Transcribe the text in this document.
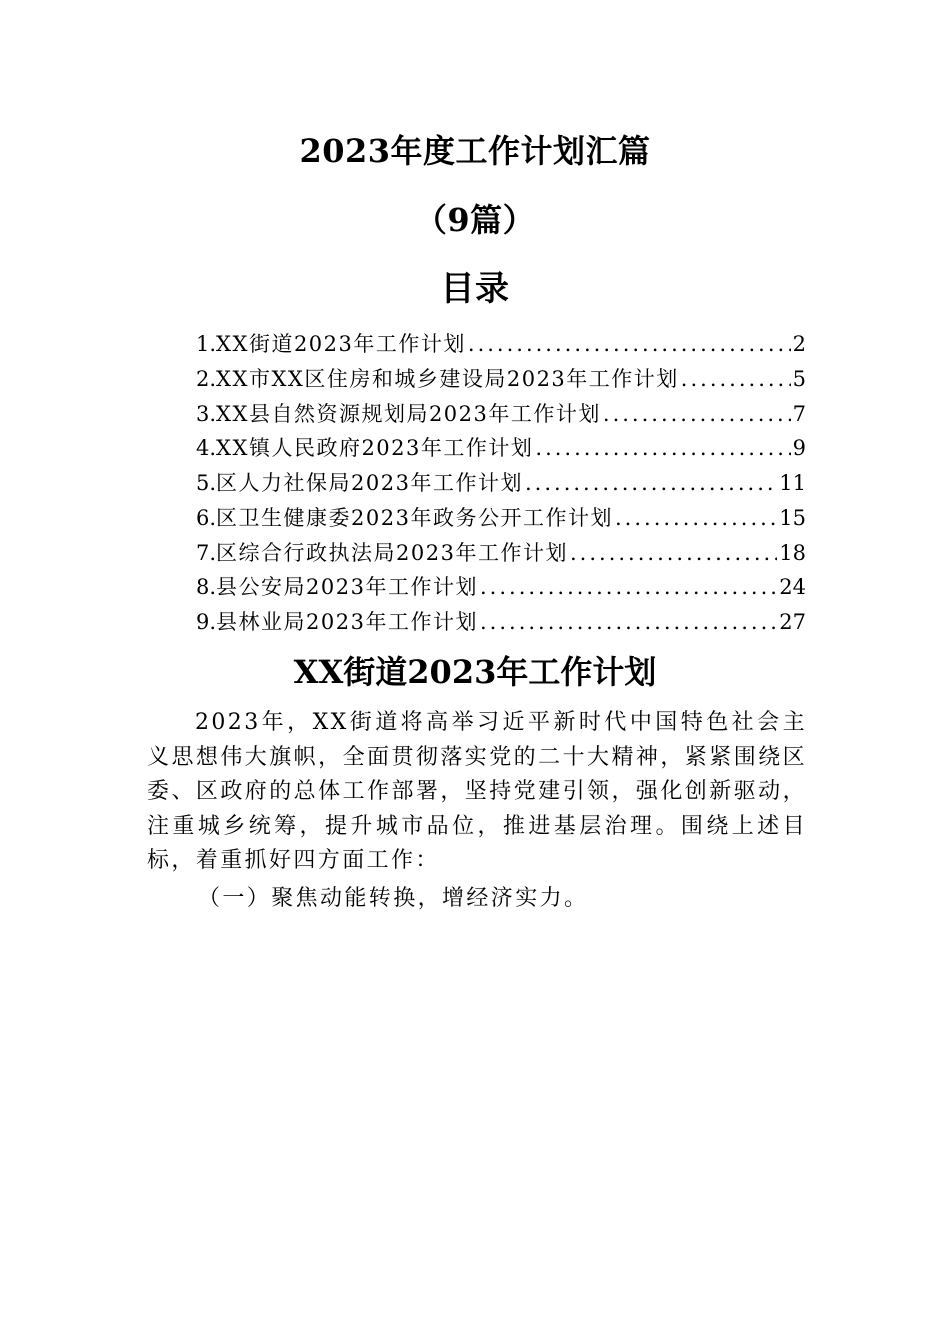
2023年度工作计划汇篇
（9篇）
目录
1. XX街道2023年工作计划 .....	2
2. XX市XX区住房和城乡建设局2023年工作计划 .....	5
3. XX县自然资源规划局2023年工作计划 .....	7
4. XX镇人民政府2023年工作计划 .....	9
5. 区人力社保局2023年工作计划 .....	11
6. 区卫生健康委2023年政务公开工作计划 .....	15
7. 区综合行政执法局2023年工作计划 .....	18
8. 县公安局2023年工作计划 .....	24
9. 县林业局2023年工作计划 .....	27
XX街道2023年工作计划

2023年，XX街道将高举习近平新时代中国特色社会主义思想伟大旗帜，全面贯彻落实党的二十大精神，紧紧围绕区委、区政府的总体工作部署，坚持党建引领，强化创新驱动，注重城乡统筹，提升城市品位，推进基层治理。围绕上述目标，着重抓好四方面工作：

（一）聚焦动能转换，增经济实力。
